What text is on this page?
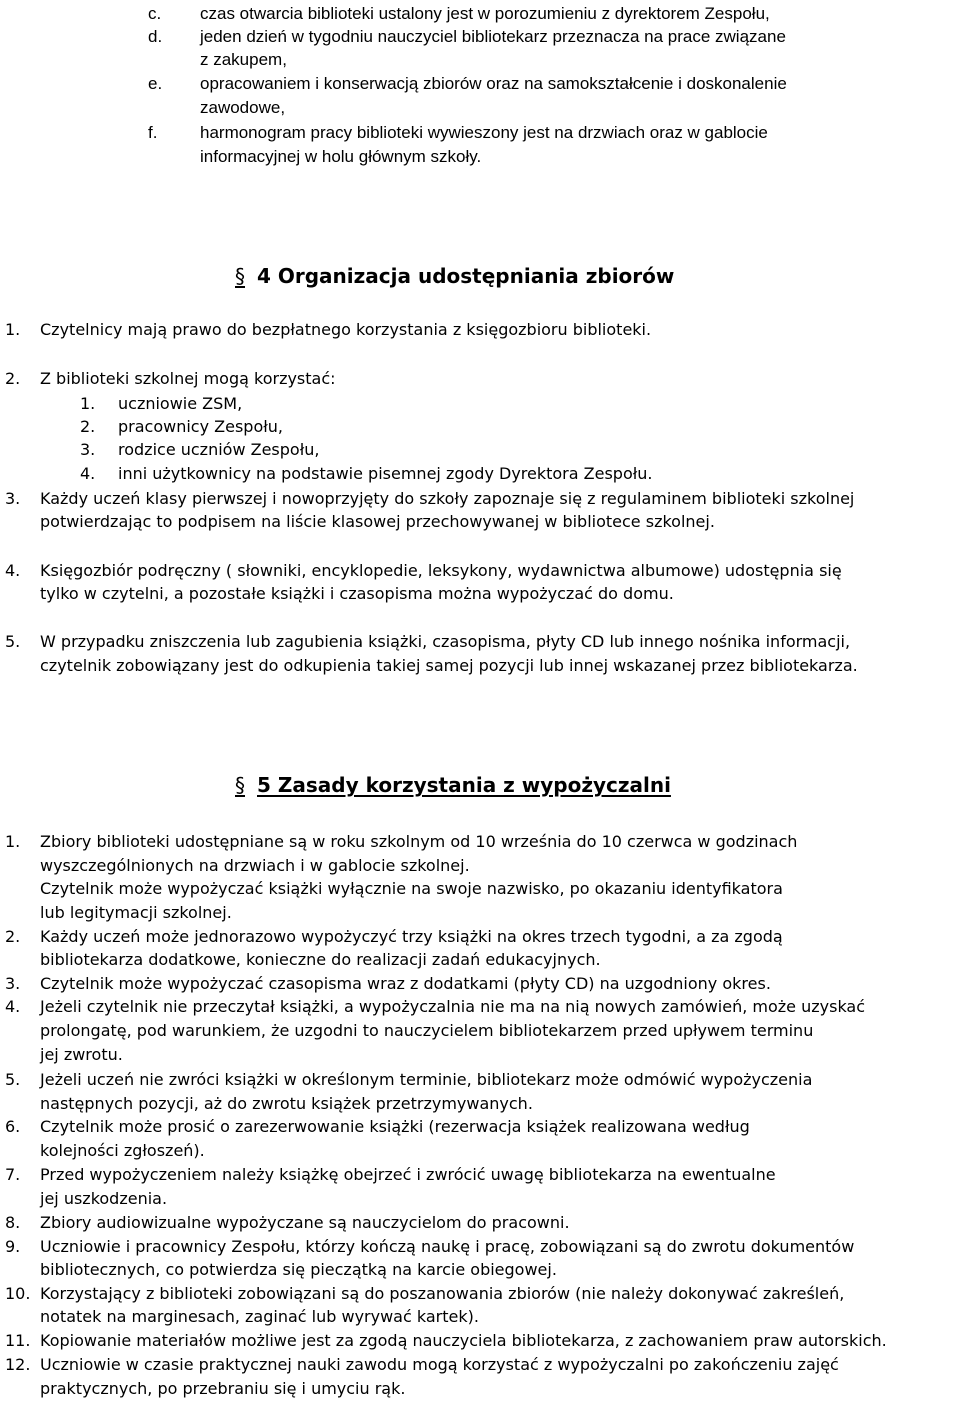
c. czas otwarcia biblioteki ustalony jest w porozumieniu z dyrektorem Zespołu,
d. jeden dzień w tygodniu nauczyciel bibliotekarz przeznacza na prace związane
z zakupem,
e. opracowaniem i konserwacją zbiorów oraz na samokształcenie i doskonalenie
zawodowe,
f.	harmonogram pracy biblioteki wywieszony jest na drzwiach oraz w gablocie
informacyjnej w holu głównym szkoły.
§ 4 Organizacja udostępniania zbiorów
1. Czytelnicy mają prawo do bezpłatnego korzystania z księgozbioru biblioteki.
2. Z biblioteki szkolnej mogą korzystać:
1. uczniowie ZSM,
2. pracownicy Zespołu,
3. rodzice uczniów Zespołu,
4. inni użytkownicy na podstawie pisemnej zgody Dyrektora Zespołu.
3. Każdy uczeń klasy pierwszej i nowoprzyjęty do szkoły zapoznaje się z regulaminem biblioteki szkolnej
potwierdzając to podpisem na liście klasowej przechowywanej w bibliotece szkolnej.
4. Księgozbiór podręczny ( słowniki, encyklopedie, leksykony, wydawnictwa albumowe) udostępnia się
tylko w czytelni, a pozostałe książki i czasopisma można wypożyczać do domu.
5. W przypadku zniszczenia lub zagubienia książki, czasopisma, płyty CD lub innego nośnika informacji,
czytelnik zobowiązany jest do odkupienia takiej samej pozycji lub innej wskazanej przez bibliotekarza.
§ 5 Zasady korzystania z wypożyczalni
1. Zbiory biblioteki udostępniane są w roku szkolnym od 10 września do 10 czerwca w godzinach
wyszczególnionych na drzwiach i w gablocie szkolnej.
Czytelnik może wypożyczać książki wyłącznie na swoje nazwisko, po okazaniu identyfikatora
lub legitymacji szkolnej.
2. Każdy uczeń może jednorazowo wypożyczyć trzy książki na okres trzech tygodni, a za zgodą
bibliotekarza dodatkowe, konieczne do realizacji zadań edukacyjnych.
3. Czytelnik może wypożyczać czasopisma wraz z dodatkami (płyty CD) na uzgodniony okres.
4. Jeżeli czytelnik nie przeczytał książki, a wypożyczalnia nie ma na nią nowych zamówień, może uzyskać
prolongatę, pod warunkiem, że uzgodni to nauczycielem bibliotekarzem przed upływem terminu
jej zwrotu.
5. Jeżeli uczeń nie zwróci książki w określonym terminie, bibliotekarz może odmówić wypożyczenia
następnych pozycji, aż do zwrotu książek przetrzymywanych.
6. Czytelnik może prosić o zarezerwowanie książki (rezerwacja książek realizowana według
kolejności zgłoszeń).
7. Przed wypożyczeniem należy książkę obejrzeć i zwrócić uwagę bibliotekarza na ewentualne
jej uszkodzenia.
8. Zbiory audiowizualne wypożyczane są nauczycielom do pracowni.
9. Uczniowie i pracownicy Zespołu, którzy kończą naukę i pracę, zobowiązani są do zwrotu dokumentów
bibliotecznych, co potwierdza się pieczątką na karcie obiegowej.
10. Korzystający z biblioteki zobowiązani są do poszanowania zbiorów (nie należy dokonywać zakreśleń,
notatek na marginesach, zaginać lub wyrywać kartek).
11. Kopiowanie materiałów możliwe jest za zgodą nauczyciela bibliotekarza, z zachowaniem praw autorskich.
12. Uczniowie w czasie praktycznej nauki zawodu mogą korzystać z wypożyczalni po zakończeniu zajęć
praktycznych, po przebraniu się i umyciu rąk.
